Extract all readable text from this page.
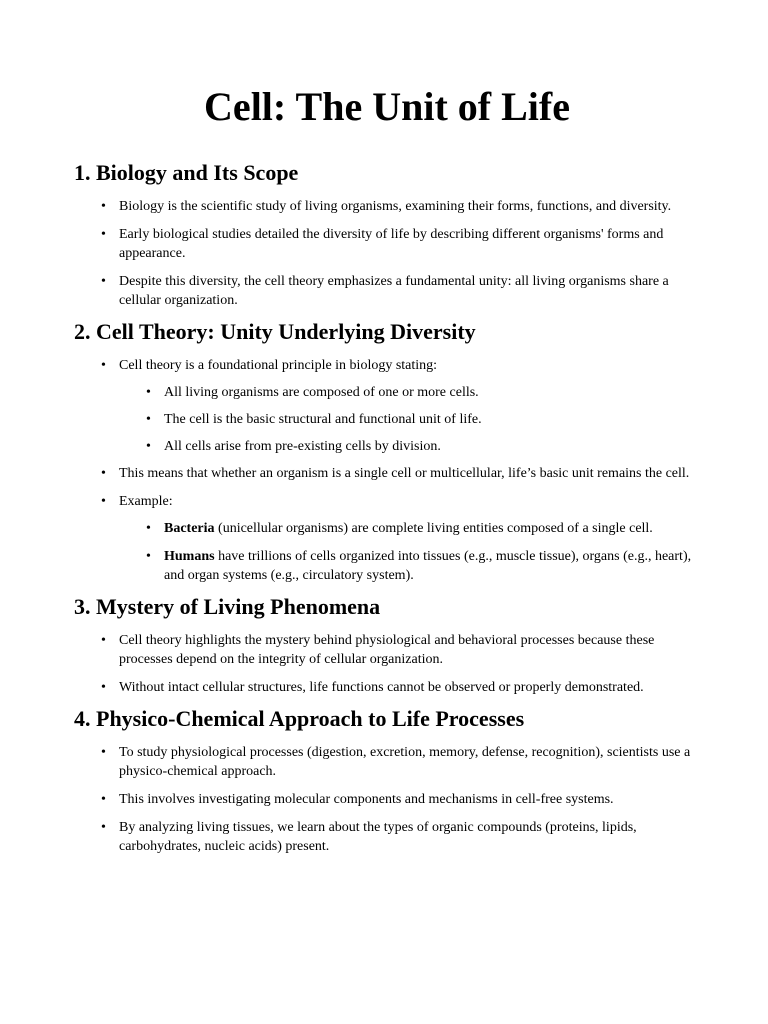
Cell: The Unit of Life
1. Biology and Its Scope
• Biology is the scientific study of living organisms, examining their forms, functions, and diversity.
• Early biological studies detailed the diversity of life by describing different organisms' forms and appearance.
• Despite this diversity, the cell theory emphasizes a fundamental unity: all living organisms share a cellular organization.
2. Cell Theory: Unity Underlying Diversity
• Cell theory is a foundational principle in biology stating:
• All living organisms are composed of one or more cells.
• The cell is the basic structural and functional unit of life.
• All cells arise from pre-existing cells by division.
• This means that whether an organism is a single cell or multicellular, life’s basic unit remains the cell.
• Example:
• Bacteria (unicellular organisms) are complete living entities composed of a single cell.
• Humans have trillions of cells organized into tissues (e.g., muscle tissue), organs (e.g., heart), and organ systems (e.g., circulatory system).
3. Mystery of Living Phenomena
• Cell theory highlights the mystery behind physiological and behavioral processes because these processes depend on the integrity of cellular organization.
• Without intact cellular structures, life functions cannot be observed or properly demonstrated.
4. Physico-Chemical Approach to Life Processes
• To study physiological processes (digestion, excretion, memory, defense, recognition), scientists use a physico-chemical approach.
• This involves investigating molecular components and mechanisms in cell-free systems.
• By analyzing living tissues, we learn about the types of organic compounds (proteins, lipids, carbohydrates, nucleic acids) present.
